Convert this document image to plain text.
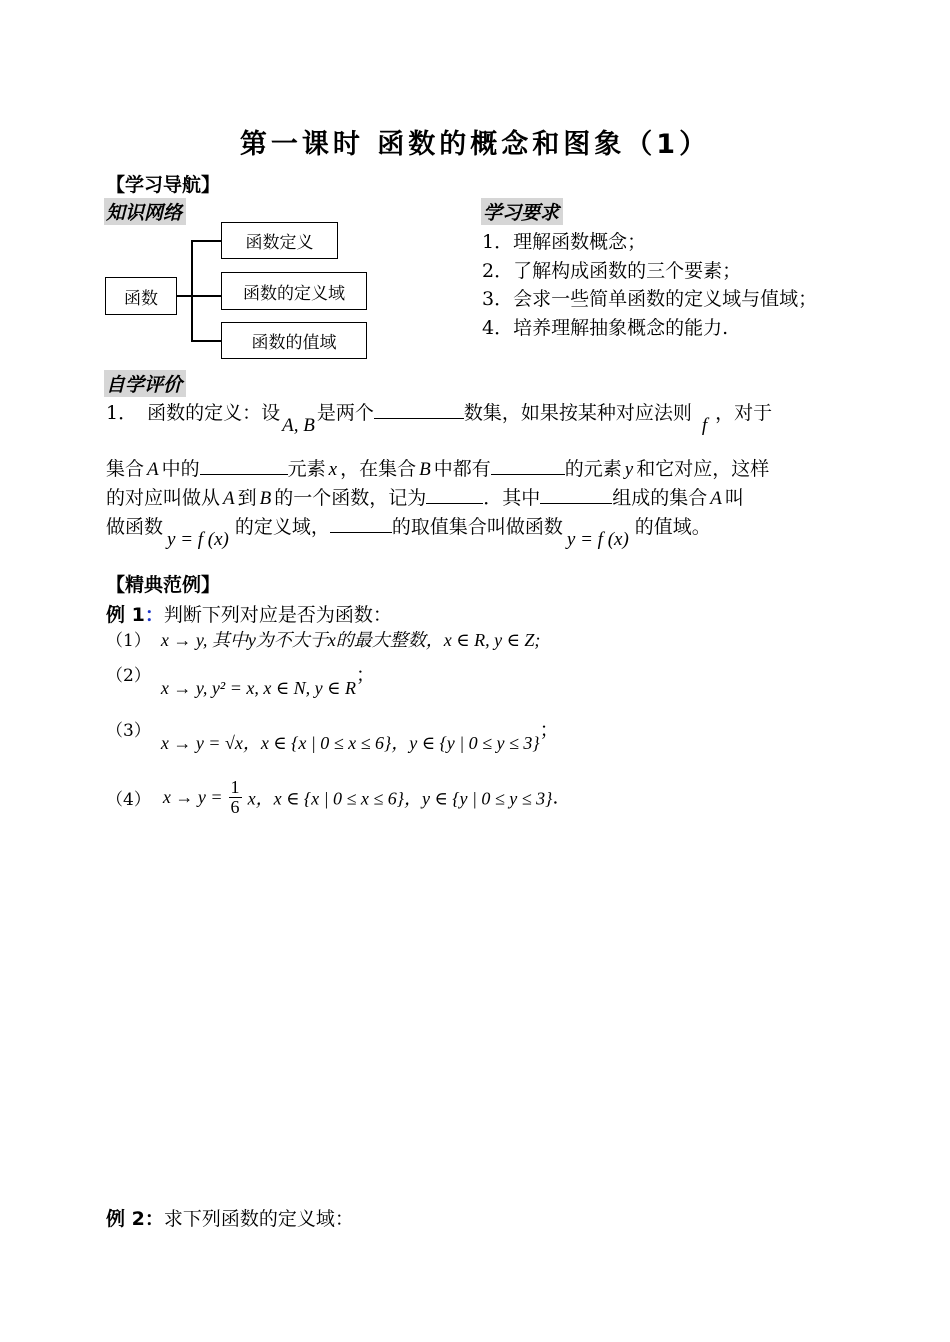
第一课时 函数的概念和图象（1）
【学习导航】
知识网络
函数
函数定义
函数的定义域
函数的值域
学习要求
1．理解函数概念；
2．了解构成函数的三个要素；
3．会求一些简单函数的定义域与值域；
4．培养理解抽象概念的能力.
自学评价
1． 函数的定义：设A, B是两个	数集，如果按某种对应法则f，对于
集合 A 中的	元素 x ，在集合 B 中都有	的元素 y 和它对应，这样
的对应叫做从 A 到 B 的一个函数，记为	．其中	组成的集合 A 叫
做函数y = f (x)的定义域，	的取值集合叫做函数y = f (x)的值域。
【精典范例】
例 1：判断下列对应是否为函数：
（1） x → y, 其中y为不大于x的最大整数，x ∈ R, y ∈ Z;
（2）x → y, y² = x, x ∈ N, y ∈ R；
（3）x → y = √x，x ∈ {x | 0 ≤ x ≤ 6}，y ∈ {y | 0 ≤ y ≤ 3}；
（4） $x \to y = \frac{1}{6}$ x，x ∈ {x | 0 ≤ x ≤ 6}，y ∈ {y | 0 ≤ y ≤ 3}.
例 2：求下列函数的定义域：
